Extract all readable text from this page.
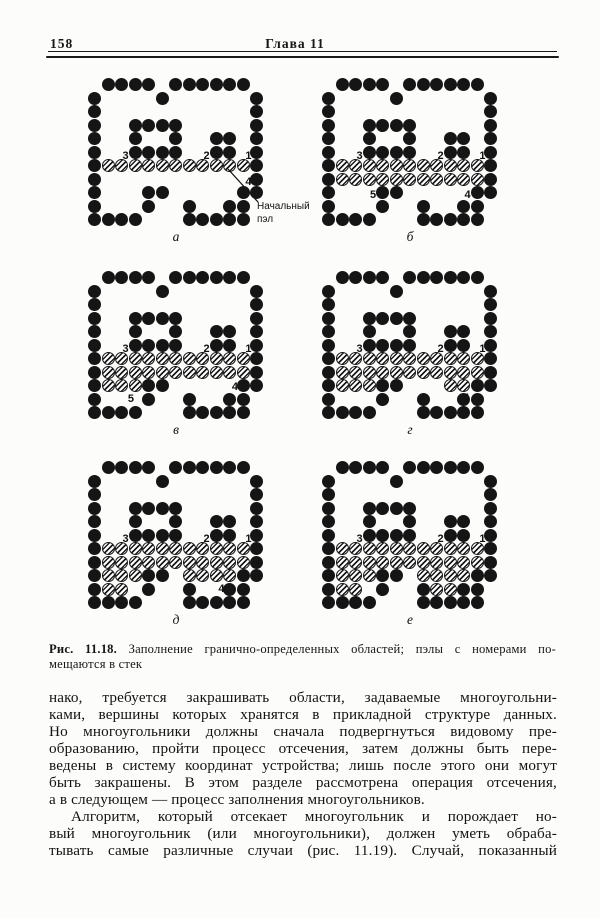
158	Глава 11
3	2	1
4
а
Начальный
пэл
3	2	1
5	4
б
3	2	1
5
4
в
3	2	1
4
г
3	2	1
4
д
3	2	1
е
Рис. 11.18. Заполнение гранично-определенных областей; пэлы с номерами по-
мещаются в стек
нако, требуется закрашивать области, задаваемые многоугольни-
ками, вершины которых хранятся в прикладной структуре данных.
Но многоугольники должны сначала подвергнуться видовому пре-
образованию, пройти процесс отсечения, затем должны быть пере-
ведены в систему координат устройства; лишь после этого они могут
быть закрашены. В этом разделе рассмотрена операция отсечения,
а в следующем — процесс заполнения многоугольников.
Алгоритм, который отсекает многоугольник и порождает но-
вый многоугольник (или многоугольники), должен уметь обраба-
тывать самые различные случаи (рис. 11.19). Случай, показанный
